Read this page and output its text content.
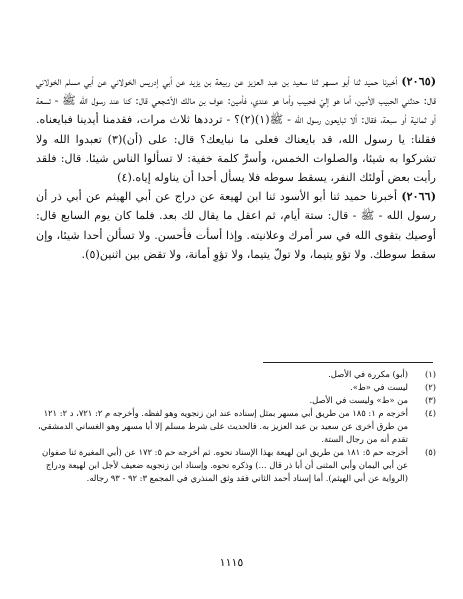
(٢٠٦٥) أخبرنا حميد ثنا أبو مسهر ثنا سعيد بن عبد العزيز عن ربيعة بن يزيد عن أبي إدريس الخولاني عن أبي مسلم الخولاني قال: حدثني الحبيب الأمين، أما هو إليّ فحبيب وأما هو عندي، فأمين: عوف بن مالك الأشجعي قال: كنا عند رسول الله ﷺ - تسعة أو ثمانية أو سبعة، فقال: ألا تبايعون رسول الله - ﷺ(١)(٢)؟ - ترددها ثلاث مرات، فقدمنا أيدينا فبايعناه. فقلنا: يا رسول الله، قد بايعناك فعلى ما نبايعك؟ قال: على (أن)(٣) تعبدوا الله ولا تشركوا به شيئا، والصلوات الخمس، وأسرَّ كلمة خفية: لا تسألوا الناس شيئا. قال: فلقد رأيت بعض أولئك النفر، يسقط سوطه فلا يسأل أحدا أن يناوله إياه.(٤)

(٢٠٦٦) أخبرنا حميد ثنا أبو الأسود ثنا ابن لهيعة عن دراج عن أبي الهيثم عن أبي ذر أن رسول الله - ﷺ - قال: ستة أيام، ثم اعقل ما يقال لك بعد. فلما كان يوم السابع قال: أوصيك بتقوى الله في سر أمرك وعلانيته. وإذا أسأت فأحسن. ولا تسألن أحدا شيئا، وإن سقط سوطك. ولا تؤو يتيما، ولا تولّ يتيما، ولا تؤوِ أمانة، ولا تقض بين اثنين(٥).

(١)
(أبو) مكررة في الأصل.
(٢)
ليست في «ط».
(٣)
من «ط» وليست في الأصل.
(٤)
أخرجه م ١: ١٨٥ من طريق أبي مسهر بمثل إسناده عند ابن زنجويه وهو لفظه. وأخرجه م ٢: ٧٢١، د ٢: ١٢١ من طرق أخرى عن سعيد بن عبد العزيز به. فالحديث على شرط مسلم إلا أبا مسهر وهو الغساني الدمشقي، تقدم أنه من رجال الستة.
(٥)
أخرجه حم ٥: ١٨١ من طريق ابن لهيعة بهذا الإسناد نحوه. ثم أخرجه حم ٥: ١٧٢ عن (أبي المغيرة ثنا صفوان عن أبي اليمان وأبي المثنى أن أبا ذر قال ...) وذكره نحوه. وإسناد ابن زنجويه ضعيف لأجل ابن لهيعة ودراج (الرواية عن أبي الهيثم). أما إسناد أحمد الثاني فقد وثق المنذري في المجمع ٣: ٩٢ - ٩٣ رجاله.
١١١٥
